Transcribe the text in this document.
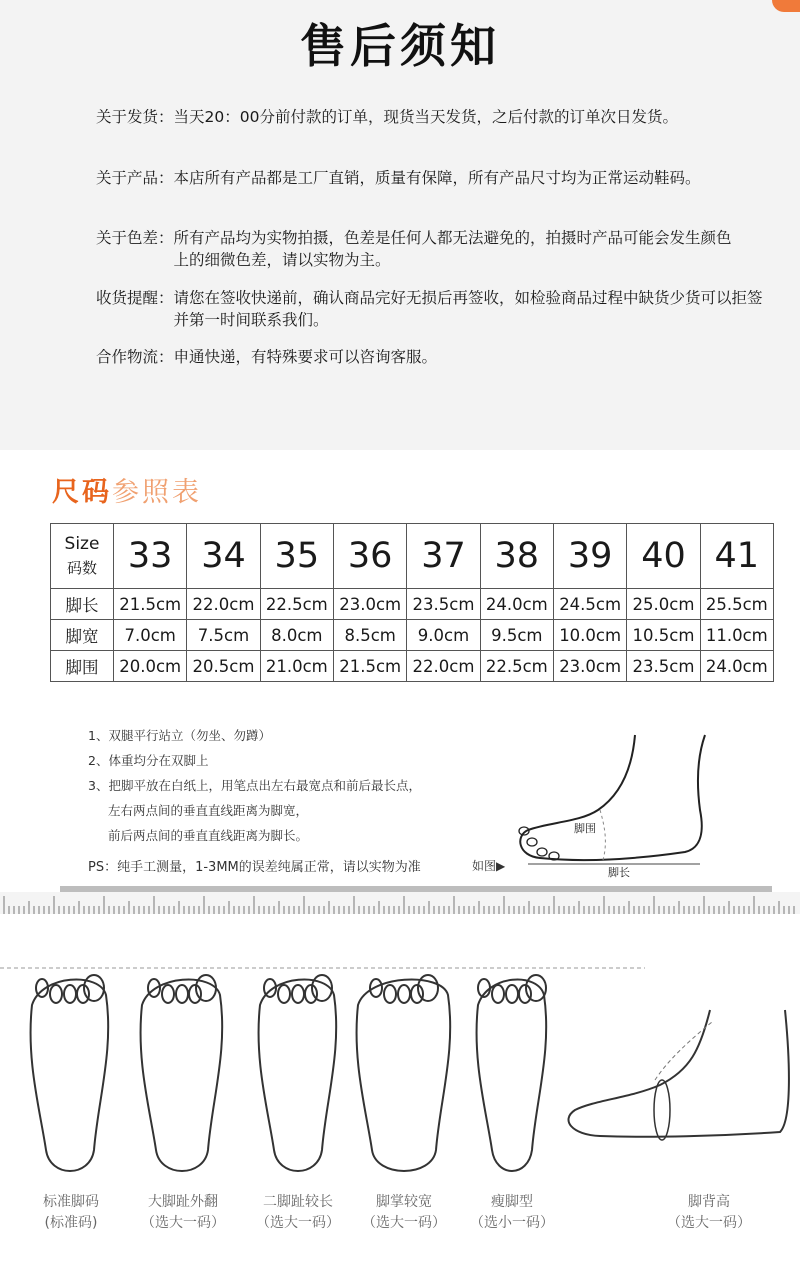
售后须知
关于发货： 当天20：00分前付款的订单，现货当天发货，之后付款的订单次日发货。
关于产品： 本店所有产品都是工厂直销，质量有保障，所有产品尺寸均为正常运动鞋码。
关于色差： 所有产品均为实物拍摄，色差是任何人都无法避免的，拍摄时产品可能会发生颜色上的细微色差，请以实物为主。
收货提醒： 请您在签收快递前，确认商品完好无损后再签收，如检验商品过程中缺货少货可以拒签并第一时间联系我们。
合作物流： 申通快递，有特殊要求可以咨询客服。
尺码参照表
Size
码数	33	34	35	36	37	38	39	40	41
脚长	21.5cm	22.0cm	22.5cm	23.0cm	23.5cm	24.0cm	24.5cm	25.0cm	25.5cm
脚宽	7.0cm	7.5cm	8.0cm	8.5cm	9.0cm	9.5cm	10.0cm	10.5cm	11.0cm
脚围	20.0cm	20.5cm	21.0cm	21.5cm	22.0cm	22.5cm	23.0cm	23.5cm	24.0cm
1、双腿平行站立（勿坐、勿蹲）
2、体重均分在双脚上
3、把脚平放在白纸上，用笔点出左右最宽点和前后最长点，
左右两点间的垂直直线距离为脚宽，
前后两点间的垂直直线距离为脚长。
PS：纯手工测量，1-3MM的误差纯属正常，请以实物为准	如图▶
脚围
脚长
标准脚码
(标准码)
大脚趾外翻
（选大一码）
二脚趾较长
（选大一码）
脚掌较宽
（选大一码）
瘦脚型
（选小一码）
脚背高
（选大一码）
